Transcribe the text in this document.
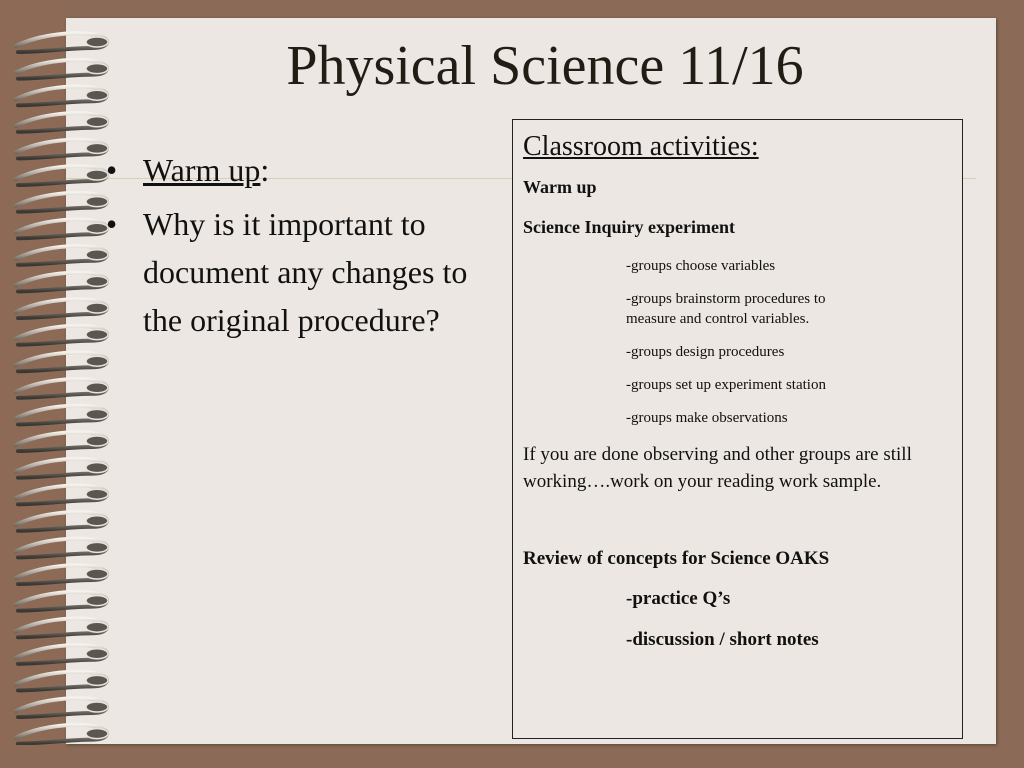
Physical Science 11/16
• Warm up:
• Why is it important to document any changes to the original procedure?
Classroom activities:
Warm up
Science Inquiry experiment
-groups choose variables
-groups brainstorm procedures to measure and control variables.
-groups design procedures
-groups set up experiment station
-groups make observations
If you are done observing and other groups are still working….work on your reading work sample.
Review of concepts for Science OAKS
-practice Q’s
-discussion / short notes
